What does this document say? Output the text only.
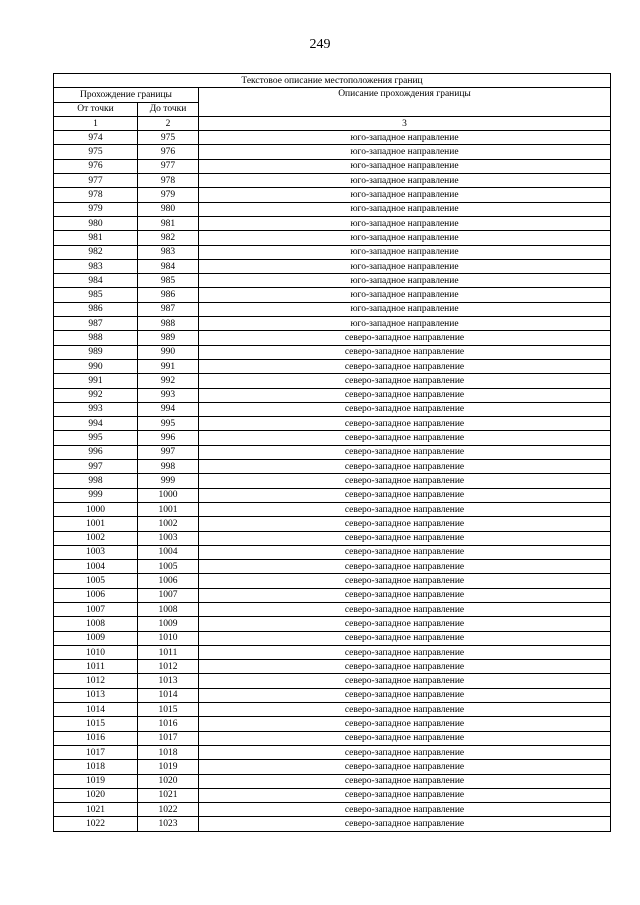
249
Текстовое описание местоположения границ		
Прохождение границы		Описание прохождения границы
От точки	До точки	
1	2	3
974	975	юго-западное направление
975	976	юго-западное направление
976	977	юго-западное направление
977	978	юго-западное направление
978	979	юго-западное направление
979	980	юго-западное направление
980	981	юго-западное направление
981	982	юго-западное направление
982	983	юго-западное направление
983	984	юго-западное направление
984	985	юго-западное направление
985	986	юго-западное направление
986	987	юго-западное направление
987	988	юго-западное направление
988	989	северо-западное направление
989	990	северо-западное направление
990	991	северо-западное направление
991	992	северо-западное направление
992	993	северо-западное направление
993	994	северо-западное направление
994	995	северо-западное направление
995	996	северо-западное направление
996	997	северо-западное направление
997	998	северо-западное направление
998	999	северо-западное направление
999	1000	северо-западное направление
1000	1001	северо-западное направление
1001	1002	северо-западное направление
1002	1003	северо-западное направление
1003	1004	северо-западное направление
1004	1005	северо-западное направление
1005	1006	северо-западное направление
1006	1007	северо-западное направление
1007	1008	северо-западное направление
1008	1009	северо-западное направление
1009	1010	северо-западное направление
1010	1011	северо-западное направление
1011	1012	северо-западное направление
1012	1013	северо-западное направление
1013	1014	северо-западное направление
1014	1015	северо-западное направление
1015	1016	северо-западное направление
1016	1017	северо-западное направление
1017	1018	северо-западное направление
1018	1019	северо-западное направление
1019	1020	северо-западное направление
1020	1021	северо-западное направление
1021	1022	северо-западное направление
1022	1023	северо-западное направление
